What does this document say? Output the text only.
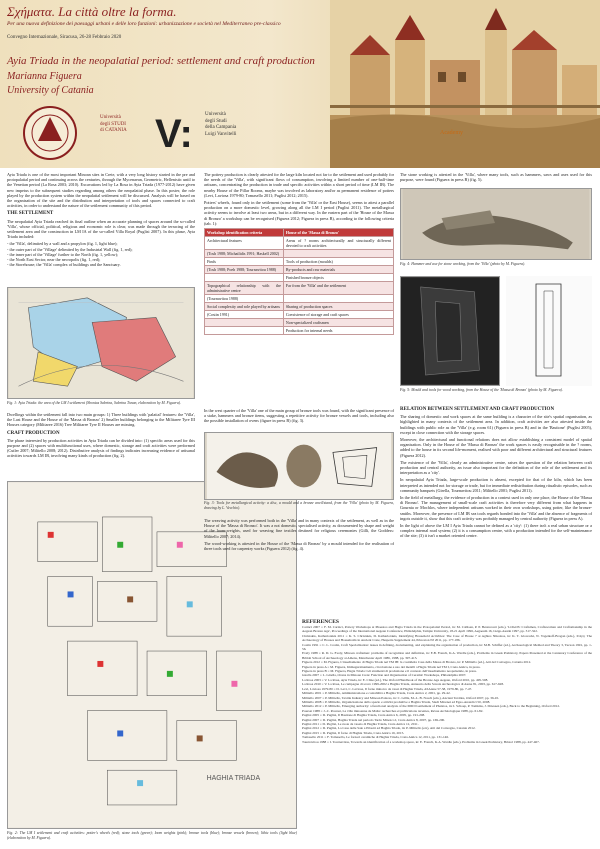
Σχήματα. La città oltre la forma.
Per una nuova definizione dei paesaggi urbani e delle loro funzioni: urbanizzazione e società nel Mediterraneo pre-classico
Convegno Internazionale, Siracusa, 26-28 Febbraio 2020
Ayia Triada in the neopalatial period: settlement and craft production
Marianna Figuera
University of Catania
Università
degli STUDI
di CATANIA V: Università
degli Studi
della Campania
Luigi Vanvitelli	Academy

Ayia Triada is one of the most important Minoan sites in Crete, with a very long history started in the pre and protopalatial period and continuing across the centuries, through the Mycenaean, Geometric, Hellenistic until to the Venetian period (La Rosa 2003; 2010). Excavations led by La Rosa in Ayia Triada (1977-2012) have given new impetus to the subsequent studies regarding among others the neopalatial phase. In this poster, the role played by the production system within the neopalatial settlement will be discussed. Analysis will be based on the organisation of the site and the distribution and interpretation of tools and spaces connected to craft activities, in order to understand the nature of the settlement community of this period.

THE SETTLEMENT

The neopalatial Ayia Triada reached its final outline when an accurate planning of spaces around the so-called 'Villa', whose official, political, religious and economic role is clear, was made through the terracing of the settlement area and the construction in LM IA of the so-called Villa Royal (Puglisi 2007). In this phase, Ayia Triada included:

- the 'Villa', delimited by a wall and a propylon (fig. 1, light blue);
- the outer part of the 'Village' delimited by the Industrial Wall (fig. 1, red);
- the inner part of the 'Village' further to the North (fig. 1, yellow);
- the North East Sector, near the necropolis (fig. 1, red);
- the Storehouse; the 'Villa' complex of buildings and the Sanctuary.
Fig. 1: Ayia Triada: the area of the LM I settlement (Sbonias Sabrina, Sabrina Tonan, elaboration by M. Figuera).

Dwellings within the settlement fall into two main groups: 1) Three buildings with 'palatial' features: the 'Villa', the Last House and the House of the 'Massa di Bronzo' 2) Smaller buildings belonging to the Militaree Tyre III Houses category (Militaree 2016) Tree Militaree Tyre II Houses are missing.

CRAFT PRODUCTION

The phase interested by production activities in Ayia Triada can be divided into: (1) specific areas used for this purpose and (2) spaces with multifunctional uses, where domestic, storage and craft activities were performed (Cutler 2007; Militello 2008; 2012). Distributive analysis of findings indicates increasing evidence of artisanal activities towards LM IB, involving many kinds of production (fig. 2).

HAGHIA TRIADA
Fig. 2: The LM I settlement and craft activities: potter's wheels (red); stone tools (green); loom weights (pink); bronze tools (blue); bronze vessels (brown); lithic tools (light blue) (elaboration by M. Figuera).

The pottery production is clearly attested for the large kiln located not far to the settlement and used probably for the needs of the 'Villa', with significant flows of consumption, involving a limited number of one-half-time artisans, concentrating the production in trade and specific activities within a short period of time (LM IB). The nearby House of the Pillar Rooms, maybe was involved as laboratory and/or as permanent residence of potters (Levi, Laviosa 1979-80; Tomasello 2011; Puglisi 2012; 2015).

Potters' wheels, found only in the settlement (some from the 'Villa' or the East House), seems to attest a parallel production on a more domestic level, growing along all the LM I period (Puglisi 2011). The metallurgical activity seems to involve at least two areas, but in a different way. In the eastern part of the 'House of the Massa di Bronzo' a workshop can be recognised (Figuera 2012; Figuera in press B), according to the following criteria (tab. 1):

Workshop identification criteria	House of the 'Massa di Bronzo'
Architectural features	Areas of ? rooms architecturally and structurally different devoted to craft activities
(Tosh 1988; Michailidis 1991; Haskell 2002)	
Finds	Tools of production (moulds)
(Tosh 1988; Poeh 1988; Tournavitou 1988)	By-products and raw materials
	Finished bronze objects
Topographical relationship with the administrative centre	Far from the 'Villa' and the settlement
(Tournavitou 1988)	
Social complexity and role played by artisans	Sharing of production spaces
(Costin 1991)	Coexistence of storage and craft spaces
	Non-specialized craftsmen
	Production for internal needs

In the west quarter of the 'Villa' one of the main group of bronze tools was found, with the significant presence of a stake, hammers and bronze items, suggesting a repetitive activity for bronze vessels and tools, including also the possible installation of ovens (figure in press B) (fig. 3).

Fig. 3: Tools for metallurgical activity: a disc, a mould and a bronze anvil/stand, from the 'Villa' (photo by M. Figuera, drawing by L. Vecchio).

The weaving activity was performed both in the 'Villa' and in many contexts of the settlement, as well as in the House of the 'Massa di Bronzo'. It was a not domestic, specialised activity, as documented by shape and weight of the loom-weights, used for weaving fine textiles destined for religious ceremonies (Gilli, the Goddess: Militello 2007; 2014).

The wood-working is attested in the House of the 'Massa di Bronzo' by a mould intended for the realisation of three tools used for carpentry works (Figuera 2012) (fig. 4).

The stone working is attested in the 'Villa', where many tools, such as hammers, saws and axes used for this purpose, were found (Figuera in press B) (fig. 5).

Fig. 4: Hammer and axe for stone working, from the 'Villa' (photo by M. Figuera).
Fig. 5: Mould and tools for wood working, from the House of the 'Massa di Bronzo' (photo by M. Figuera).
RELATION BETWEEN SETTLEMENT AND CRAFT PRODUCTION

The sharing of domestic and work spaces at the same building is a character of the site's spatial organisation, as highlighted in many contexts of the settlement area. In addition, craft activities are also attested inside the buildings with public role as the 'Villa' (e.g. room 61) (Figuera in press B) and in the 'Bastione' (Puglisi 2005), except in close connection with the storage spaces.

Moreover, the architectural and functional relations does not allow establishing a consistent model of spatial organisation. Only in the House of the 'Massa di Bronzo' the work spaces is easily recognisable in the ? rooms, added to the house in its second life-moment, realised with poor and different architectural and structural features (Figuera 2012).

The existence of the 'Villa', clearly an administrative centre, raises the question of the relation between craft production and central authority, an issue also important for the definition of the role of the settlement and its interpretation as a 'city'.

In neopalatial Ayia Triada, large-scale production is absent, excepted for that of the kiln, which has been interpreted as intended not for storage or trade, but for immediate redistribution during ritualistic episodes, such as community banquets (Girella, Tournavitou 2011; Militello 2001; Puglisi 2011).

In the field of metallurgy, the evidence of production in a context used in only one place, the House of the 'Massa di Bronzo'. The management of small-scale craft activities is therefore very different from what happens in Gournia or Mochlos, where independent artisans worked in their own workshops, using potter, like the bronze-smiths. Moreover, the presence of LM IB sea tools regards bonded into the 'Villa' and the absence of fragments of ingots outside it, show that this craft activity was probably managed by central authority (Figuera in press A).

In the light of above the LM I Ayia Triada cannot be defined as a 'city': (1) there isn't a real urban structure or a complex internal road system; (2) it is a consumption centre, with a production intended for the self-maintenance of the site; (3) it isn't a market oriented centre.

REFERENCES
Carinci 2007 = F. M. Carinci, Pottery Workshops at Phaestos and Hagia Triada in the Protopalatial Period, in: M. Callisen, P. P. Betancourt (eds.), 'LOGOS: Craftsmen, Craftswomen and Craftsmanship in the Aegean Bronze Age', Proceedings of the International Aegean Conference, Philadelphia, Temple University, 18-21 April 1996, Aegaeum 16, Liège-Austin 1997, pp. 317-322.
Christakis, Kathariotakis 2011 = K. S. Christakis, D. Kathariotakis, Identifying Household Activities: The Case of House 7 at Aghios Nikolaos, in: K. T. Glowacki, N. Vogeikoff-Brogan (eds.), Στέγη: The Archaeology of Houses and Households in Ancient Crete, Hesperia Supplement 44, Princeton NJ 2011, pp. 177-186.
Costin 1991 = C. L. Costin, Craft Specialization: issues in defining, documenting, and explaining the organization of production, in: M.B. Schiffer (ed.), Archaeological Method and Theory 3, Tucson 1991, pp. 1-56.
Evely 1988 = R. D. G. Evely, Minoan craftsmen: problems of recognition and definition, in: E.B. French, K.A. Wardle (eds.), Problems in Greek Prehistory, Papers Presented at the Centenary Conference of the British School of Archaeology at Athens, Manchester April 1986, 1988, pp. 397-415.
Figuera 2012 = M. Figuera, L'insediamento di Hagia Triada nel TM IB: la cosiddetta Casa della Massa di Bronzo, in: P. Militello (ed.), Atti del Convegno, Catania 2012.
Figuera in press A = M. Figuera, Immagazzinamento, circolazione e uso dei metalli a Hagia Triada nel TM I, Creta Antica, in press.
Figuera in press B = M. Figuera, Hagia Triada: Gli strumenti di produzione e il contesto dell'insediamento neopalaziale, in press.
Girella 2007 = L. Girella, Ovens in Minoan Crete: Function and Organisation of Ceramic Workshops, Philadelphia 2007.
La Rosa 2003 = V. La Rosa, Ayia Triada, in: E. Cline (ed.), The Oxford Handbook of the Bronze Age Aegean, Oxford 2010, pp. 495-508.
La Rosa 2010 = V. La Rosa, Le campagne di scavo 1999-2002 a Haghia Triada, Annuario della Scuola Archeologica di Atene 81, 2003, pp. 617-628.
Levi, Laviosa 1979-80 = D. Levi, C. Laviosa, Il forno minoico da vasai di Haghia Triada, ASAtene 57-58, 1979-80, pp. 7-47.
Militello 2001 = P. Militello, Amministrazione e contabilità a Haghia Triada, Creta Antica 2, 2001, pp. 29-42.
Militello 2007 = P. Militello, Textile Industry and Minoan Palaces, in: C. Gillis, M.-L. B. Nosch (eds.), Ancient Textiles, Oxford 2007, pp. 36-45.
Militello 2008 = P. Militello, Organizzazione dello spazio e attività produttive a Haghia Triada, Studi Micenei ed Egeo-Anatolici 50, 2008.
Militello 2012 = P. Militello, Emerging authority: a functional analysis of the MM II settlement of Phaistos, in: I. Schoep, P. Tomkins, J. Driessen (eds.), Back to the Beginning, Oxford 2012.
Poursat 1988 = J.-C. Poursat, La ville minoenne de Malia: recherches et publications récentes, Revue Archéologique 1988, pp. 61-82.
Puglisi 2005 = D. Puglisi, Il Bastione di Haghia Triada, Creta Antica 6, 2005, pp. 191-208.
Puglisi 2007 = D. Puglisi, Haghia Triada nel periodo Tardo Minoico I, Creta Antica 8, 2007, pp. 169-200.
Puglisi 2011 = D. Puglisi, Le ruote da vasaio di Haghia Triada, Creta Antica 12, 2011.
Puglisi 2012 = D. Puglisi, La Casa delle Sale a Pilastri ad Haghia Triada, in: P. Militello (ed.), Atti del Convegno, Catania 2012.
Puglisi 2015 = D. Puglisi, Il forno di Haghia Triada, Creta Antica 16, 2015.
Tomasello 2011 = F. Tomasello, Le fornaci ceramiche di Haghia Triada, Creta Antica 12, 2011, pp. 131-146.
Tournavitou 1988 = I. Tournavitou, Towards an identification of a workshop space, in: E. French, K.A. Wardle (eds.), Problems in Greek Prehistory, Bristol 1988, pp. 447-467.
